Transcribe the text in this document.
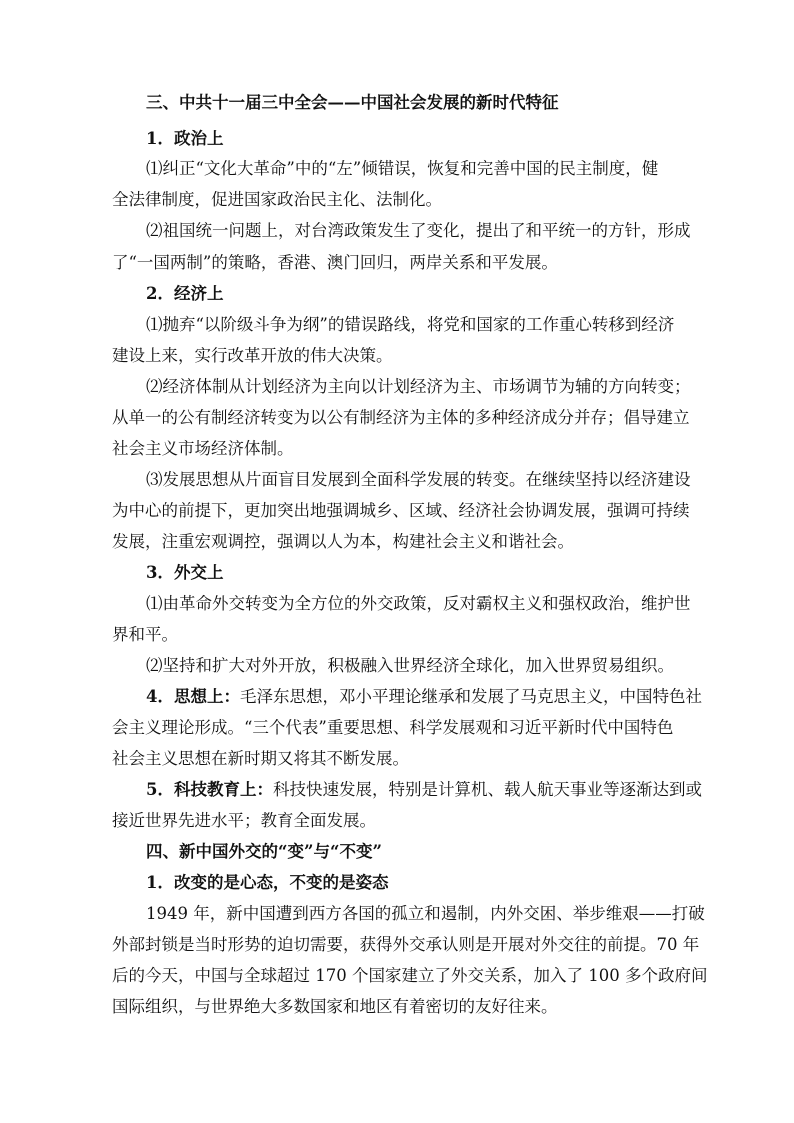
三、中共十一届三中全会——中国社会发展的新时代特征
1．政治上
⑴纠正“文化大革命”中的“左”倾错误，恢复和完善中国的民主制度，健
全法律制度，促进国家政治民主化、法制化。
⑵祖国统一问题上，对台湾政策发生了变化，提出了和平统一的方针，形成
了“一国两制”的策略，香港、澳门回归，两岸关系和平发展。
2．经济上
⑴抛弃“以阶级斗争为纲”的错误路线，将党和国家的工作重心转移到经济
建设上来，实行改革开放的伟大决策。
⑵经济体制从计划经济为主向以计划经济为主、市场调节为辅的方向转变；
从单一的公有制经济转变为以公有制经济为主体的多种经济成分并存；倡导建立
社会主义市场经济体制。
⑶发展思想从片面盲目发展到全面科学发展的转变。在继续坚持以经济建设
为中心的前提下，更加突出地强调城乡、区域、经济社会协调发展，强调可持续
发展，注重宏观调控，强调以人为本，构建社会主义和谐社会。
3．外交上
⑴由革命外交转变为全方位的外交政策，反对霸权主义和强权政治，维护世
界和平。
⑵坚持和扩大对外开放，积极融入世界经济全球化，加入世界贸易组织。
4．思想上：毛泽东思想，邓小平理论继承和发展了马克思主义，中国特色社
会主义理论形成。“三个代表”重要思想、科学发展观和习近平新时代中国特色
社会主义思想在新时期又将其不断发展。
5．科技教育上：科技快速发展，特别是计算机、载人航天事业等逐渐达到或
接近世界先进水平；教育全面发展。
四、新中国外交的“变”与“不变”
1．改变的是心态，不变的是姿态
1949 年，新中国遭到西方各国的孤立和遏制，内外交困、举步维艰——打破
外部封锁是当时形势的迫切需要，获得外交承认则是开展对外交往的前提。70 年
后的今天，中国与全球超过 170 个国家建立了外交关系，加入了 100 多个政府间
国际组织，与世界绝大多数国家和地区有着密切的友好往来。
